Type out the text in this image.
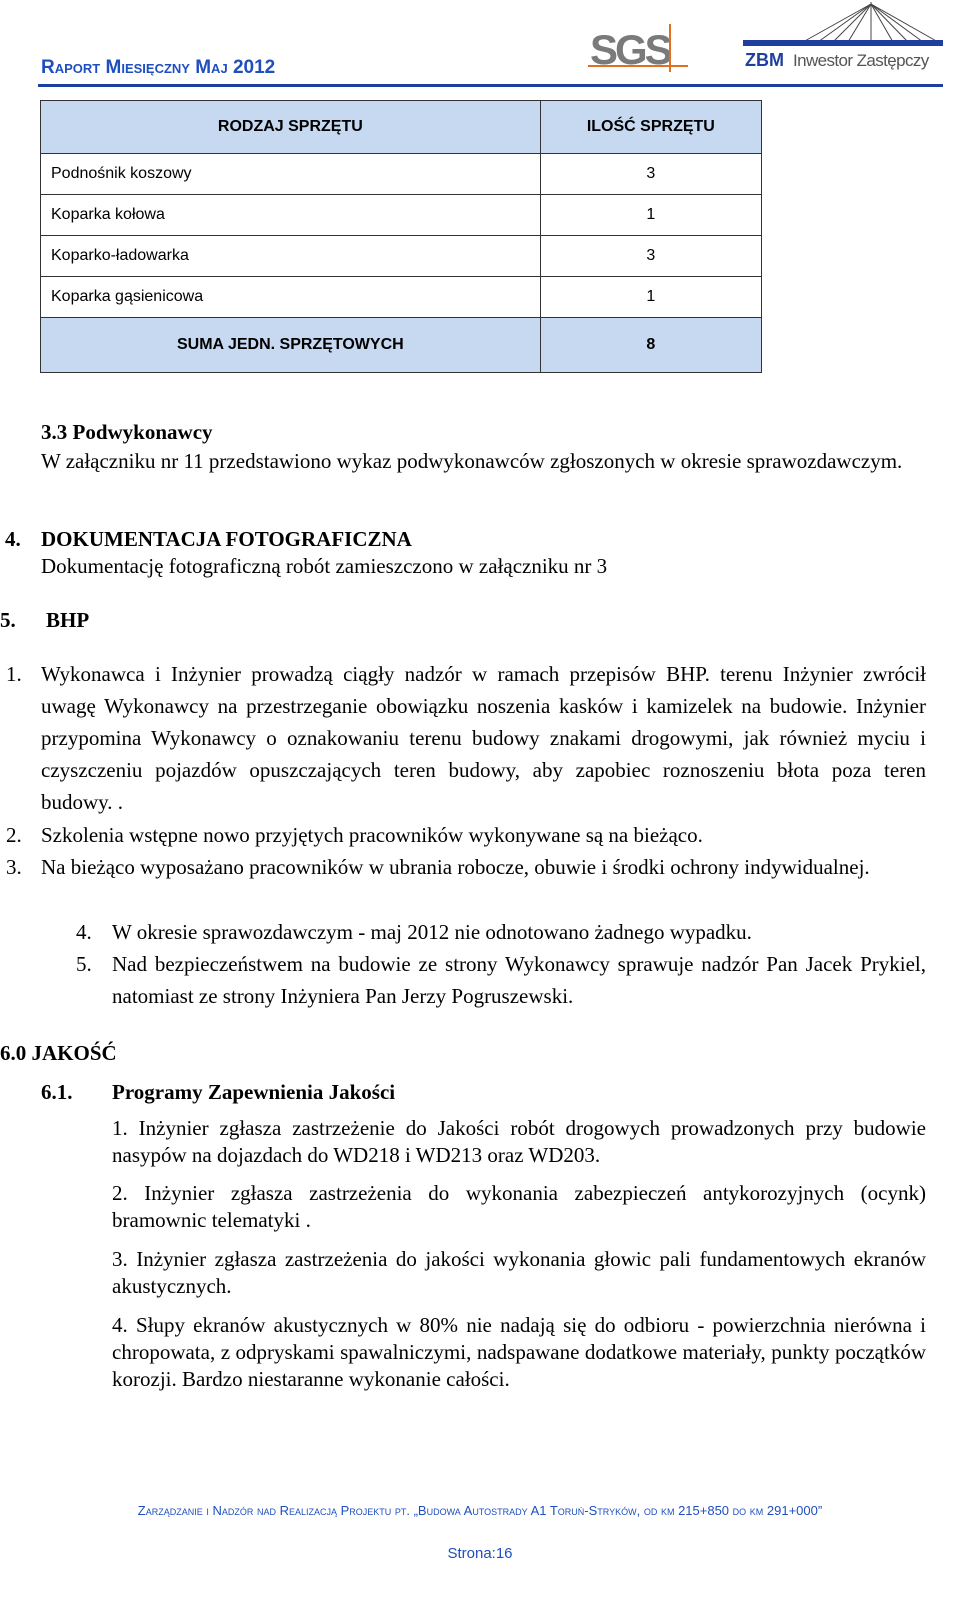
Raport Miesięczny Maj 2012	SGS	ZBM Inwestor Zastępczy
RODZAJ SPRZĘTU	ILOŚĆ SPRZĘTU
Podnośnik koszowy	3
Koparka kołowa	1
Koparko-ładowarka	3
Koparka gąsienicowa	1
SUMA JEDN. SPRZĘTOWYCH	8
3.3 Podwykonawcy
W załączniku nr 11 przedstawiono wykaz podwykonawców zgłoszonych w okresie sprawozdawczym.
4. DOKUMENTACJA FOTOGRAFICZNA
Dokumentację fotograficzną robót zamieszczono w załączniku nr 3
5. BHP
1. Wykonawca i Inżynier prowadzą ciągły nadzór w ramach przepisów BHP. terenu Inżynier zwrócił uwagę Wykonawcy na przestrzeganie obowiązku noszenia kasków i kamizelek na budowie. Inżynier przypomina Wykonawcy o oznakowaniu terenu budowy znakami drogowymi, jak również myciu i czyszczeniu pojazdów opuszczających teren budowy, aby zapobiec roznoszeniu błota poza teren budowy. .
2. Szkolenia wstępne nowo przyjętych pracowników wykonywane są na bieżąco.
3. Na bieżąco wyposażano pracowników w ubrania robocze, obuwie i środki ochrony indywidualnej.
4. W okresie sprawozdawczym - maj 2012 nie odnotowano żadnego wypadku.
5. Nad bezpieczeństwem na budowie ze strony Wykonawcy sprawuje nadzór Pan Jacek Prykiel, natomiast ze strony Inżyniera Pan Jerzy Pogruszewski.
6.0 JAKOŚĆ
6.1. Programy Zapewnienia Jakości
1. Inżynier zgłasza zastrzeżenie do Jakości robót drogowych prowadzonych przy budowie nasypów na dojazdach do WD218 i WD213 oraz WD203.
2. Inżynier zgłasza zastrzeżenia do wykonania zabezpieczeń antykorozyjnych (ocynk) bramownic telematyki .
3. Inżynier zgłasza zastrzeżenia do jakości wykonania głowic pali fundamentowych ekranów akustycznych.
4. Słupy ekranów akustycznych w 80% nie nadają się do odbioru - powierzchnia nierówna i chropowata, z odpryskami spawalniczymi, nadspawane dodatkowe materiały, punkty początków korozji. Bardzo niestaranne wykonanie całości.
Zarządzanie i Nadzór nad Realizacją Projektu pt. „Budowa Autostrady A1 Toruń-Stryków, od km 215+850 do km 291+000”
Strona:16
